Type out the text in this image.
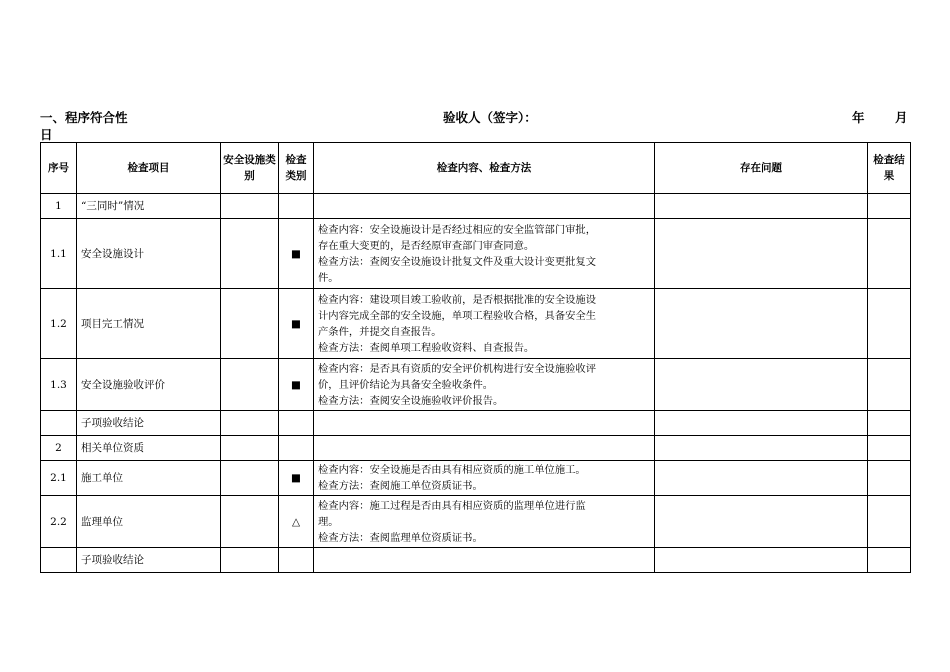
一、程序符合性	验收人（签字）：	年 月
日
序号	检查项目	安全设施类别	检查类别	检查内容、检查方法	存在问题	检查结果
1	“三同时”情况					
1.1	安全设施设计		■	检查内容：安全设施设计是否经过相应的安全监管部门审批，
存在重大变更的，是否经原审查部门审查同意。
检查方法：查阅安全设施设计批复文件及重大设计变更批复文
件。		

1.2	项目完工情况		■	检查内容：建设项目竣工验收前，是否根据批准的安全设施设
计内容完成全部的安全设施，单项工程验收合格，具备安全生
产条件，并提交自查报告。
检查方法：查阅单项工程验收资料、自查报告。		

1.3	安全设施验收评价		■	检查内容：是否具有资质的安全评价机构进行安全设施验收评
价，且评价结论为具备安全验收条件。
检查方法：查阅安全设施验收评价报告。		

	子项验收结论					
2	相关单位资质					
2.1	施工单位		■	检查内容：安全设施是否由具有相应资质的施工单位施工。
检查方法：查阅施工单位资质证书。		

2.2	监理单位		△	检查内容：施工过程是否由具有相应资质的监理单位进行监
理。
检查方法：查阅监理单位资质证书。		

	子项验收结论					
